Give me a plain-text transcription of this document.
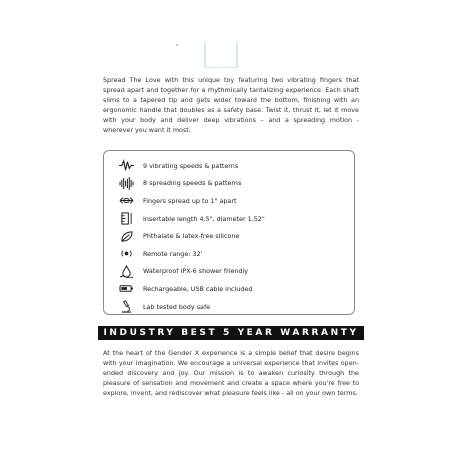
Spread The Love with this unique toy featuring two vibrating fingers that spread apart and together for a rhythmically tantalizing experience. Each shaft slims to a tapered tip and gets wider toward the bottom, finishing with an ergonomic handle that doubles as a safety base. Twist it, thrust it, let it move with your body and deliver deep vibrations – and a spreading motion - wherever you want it most.

9 vibrating speeds & patterns
8 spreading speeds & patterns
Fingers spread up to 1" apart
Insertable length 4.5", diameter 1.52"
Phthalate & latex-free silicone
Remote range: 32'
Waterproof IPX-6 shower friendly
Rechargeable, USB cable included
Lab tested body safe
INDUSTRY BEST 5 YEAR WARRANTY

At the heart of the Gender X experience is a simple belief that desire begins with your imagination. We encourage a universal experience that invites open-ended discovery and joy. Our mission is to awaken curiosity through the pleasure of sensation and movement and create a space where you're free to explore, invent, and rediscover what pleasure feels like - all on your own terms.
